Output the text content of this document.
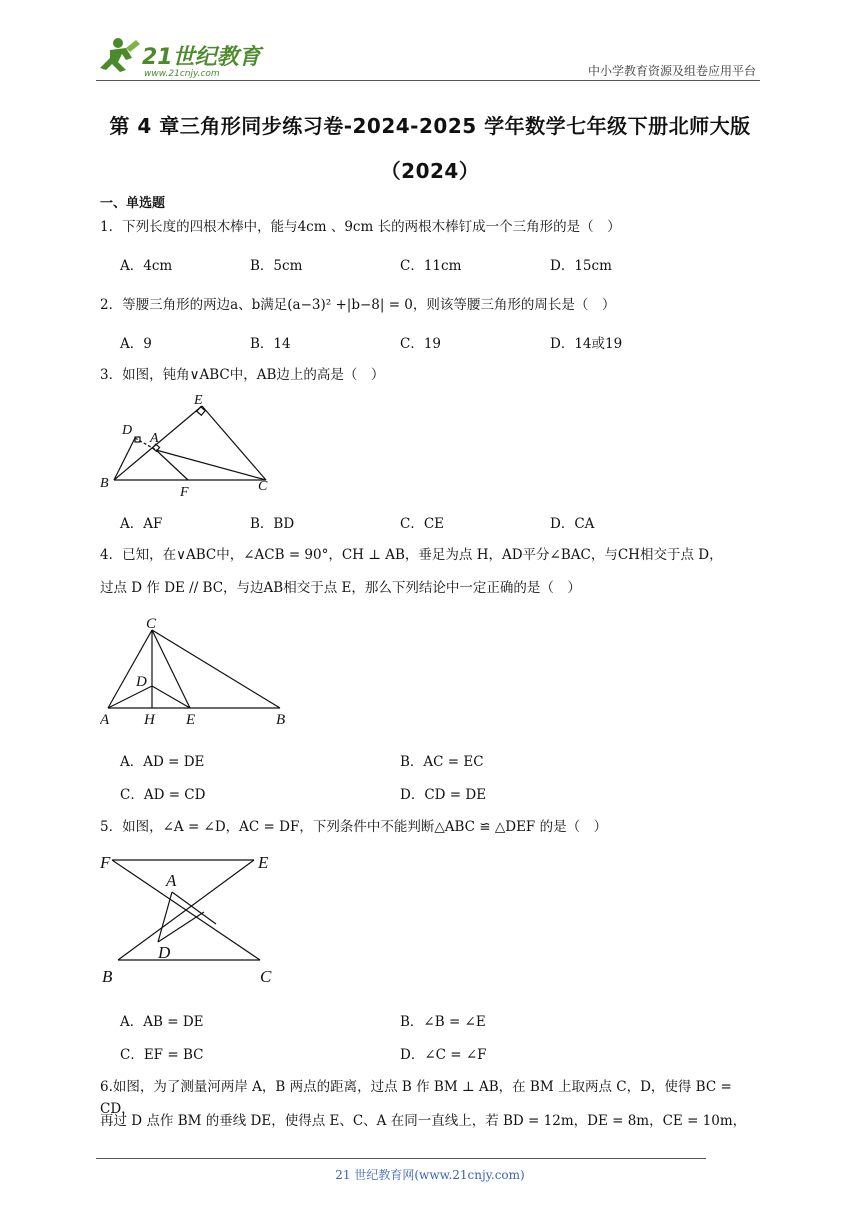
21世纪教育
www.21cnjy.com	中小学教育资源及组卷应用平台
第 4 章三角形同步练习卷-2024-2025 学年数学七年级下册北师大版
（2024）
一、单选题
1．下列长度的四根木棒中，能与4cm 、9cm 长的两根木棒钉成一个三角形的是（　）
A．4cm	B．5cm	C．11cm	D．15cm
2．等腰三角形的两边a、b满足(a−3)² +|b−8| = 0，则该等腰三角形的周长是（　）
A．9	B．14	C．19	D．14或19
3．如图，钝角∨ABC中，AB边上的高是（　）
D
A
E
B
F	C
A．AF	B．BD	C．CE	D．CA
4．已知，在∨ABC中，∠ACB = 90°，CH ⊥ AB，垂足为点 H，AD平分∠BAC，与CH相交于点 D，
过点 D 作 DE // BC，与边AB相交于点 E，那么下列结论中一定正确的是（　）
C
D
A H E	B
A．AD = DE	B．AC = EC
C．AD = CD	D．CD = DE
5．如图，∠A = ∠D，AC = DF，下列条件中不能判断△ABC ≌ △DEF 的是（　）
F	E
A
D
B	C
A．AB = DE	B．∠B = ∠E
C．EF = BC	D．∠C = ∠F
6.如图，为了测量河两岸 A，B 两点的距离，过点 B 作 BM ⊥ AB，在 BM 上取两点 C，D，使得 BC = CD，
再过 D 点作 BM 的垂线 DE，使得点 E、C、A 在同一直线上，若 BD = 12m，DE = 8m，CE = 10m，
21 世纪教育网(www.21cnjy.com)
